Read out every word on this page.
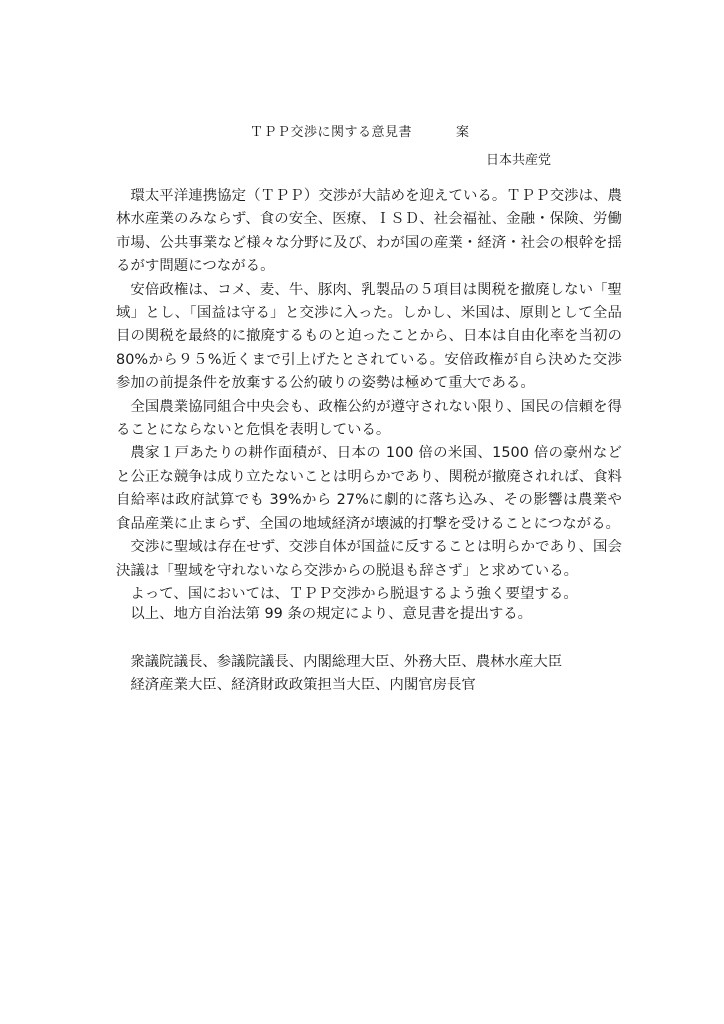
ＴＰＰ交渉に関する意見書	案
日本共産党

環太平洋連携協定（ＴＰＰ）交渉が大詰めを迎えている。ＴＰＰ交渉は、農林水産業のみならず、食の安全、医療、ＩＳＤ、社会福祉、金融・保険、労働市場、公共事業など様々な分野に及び、わが国の産業・経済・社会の根幹を揺るがす問題につながる。

安倍政権は、コメ、麦、牛、豚肉、乳製品の５項目は関税を撤廃しない「聖域」とし、「国益は守る」と交渉に入った。しかし、米国は、原則として全品目の関税を最終的に撤廃するものと迫ったことから、日本は自由化率を当初の80%から９５%近くまで引上げたとされている。安倍政権が自ら決めた交渉参加の前提条件を放棄する公約破りの姿勢は極めて重大である。

全国農業協同組合中央会も、政権公約が遵守されない限り、国民の信頼を得ることにならないと危惧を表明している。

農家１戸あたりの耕作面積が、日本の 100 倍の米国、1500 倍の豪州などと公正な競争は成り立たないことは明らかであり、関税が撤廃されれば、食料自給率は政府試算でも 39%から 27%に劇的に落ち込み、その影響は農業や食品産業に止まらず、全国の地域経済が壊滅的打撃を受けることにつながる。

交渉に聖域は存在せず、交渉自体が国益に反することは明らかであり、国会決議は「聖域を守れないなら交渉からの脱退も辞さず」と求めている。

よって、国においては、ＴＰＰ交渉から脱退するよう強く要望する。

以上、地方自治法第 99 条の規定により、意見書を提出する。

衆議院議長、参議院議長、内閣総理大臣、外務大臣、農林水産大臣

経済産業大臣、経済財政政策担当大臣、内閣官房長官
